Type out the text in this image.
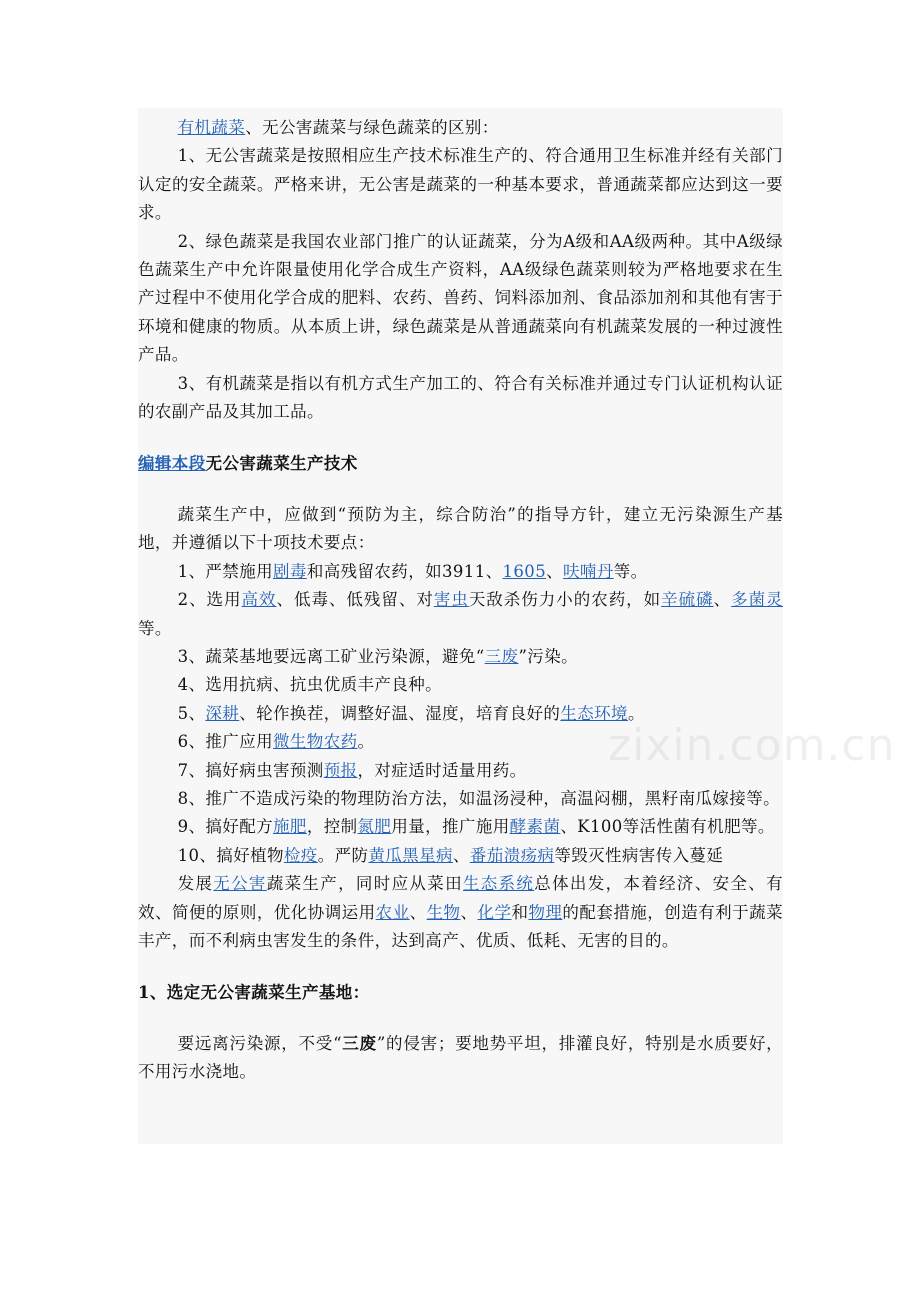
zixin.com.cn

有机蔬菜、无公害蔬菜与绿色蔬菜的区别：

1、无公害蔬菜是按照相应生产技术标准生产的、符合通用卫生标准并经有关部门认定的安全蔬菜。严格来讲，无公害是蔬菜的一种基本要求，普通蔬菜都应达到这一要求。

2、绿色蔬菜是我国农业部门推广的认证蔬菜，分为A级和AA级两种。其中A级绿色蔬菜生产中允许限量使用化学合成生产资料，AA级绿色蔬菜则较为严格地要求在生产过程中不使用化学合成的肥料、农药、兽药、饲料添加剂、食品添加剂和其他有害于环境和健康的物质。从本质上讲，绿色蔬菜是从普通蔬菜向有机蔬菜发展的一种过渡性产品。

3、有机蔬菜是指以有机方式生产加工的、符合有关标准并通过专门认证机构认证的农副产品及其加工品。

编辑本段无公害蔬菜生产技术

蔬菜生产中，应做到“预防为主，综合防治”的指导方针，建立无污染源生产基地，并遵循以下十项技术要点：

1、严禁施用剧毒和高残留农药，如3911、1605、呋喃丹等。

2、选用高效、低毒、低残留、对害虫天敌杀伤力小的农药，如辛硫磷、多菌灵等。

3、蔬菜基地要远离工矿业污染源，避免“三废”污染。

4、选用抗病、抗虫优质丰产良种。

5、深耕、轮作换茬，调整好温、湿度，培育良好的生态环境。

6、推广应用微生物农药。

7、搞好病虫害预测预报，对症适时适量用药。

8、推广不造成污染的物理防治方法，如温汤浸种，高温闷棚，黑籽南瓜嫁接等。

9、搞好配方施肥，控制氮肥用量，推广施用酵素菌、K100等活性菌有机肥等。

10、搞好植物检疫。严防黄瓜黑星病、番茄溃疡病等毁灭性病害传入蔓延

发展无公害蔬菜生产，同时应从菜田生态系统总体出发，本着经济、安全、有效、简便的原则，优化协调运用农业、生物、化学和物理的配套措施，创造有利于蔬菜丰产，而不利病虫害发生的条件，达到高产、优质、低耗、无害的目的。

1、选定无公害蔬菜生产基地：

要远离污染源，不受“三废”的侵害；要地势平坦，排灌良好，特别是水质要好，不用污水浇地。
